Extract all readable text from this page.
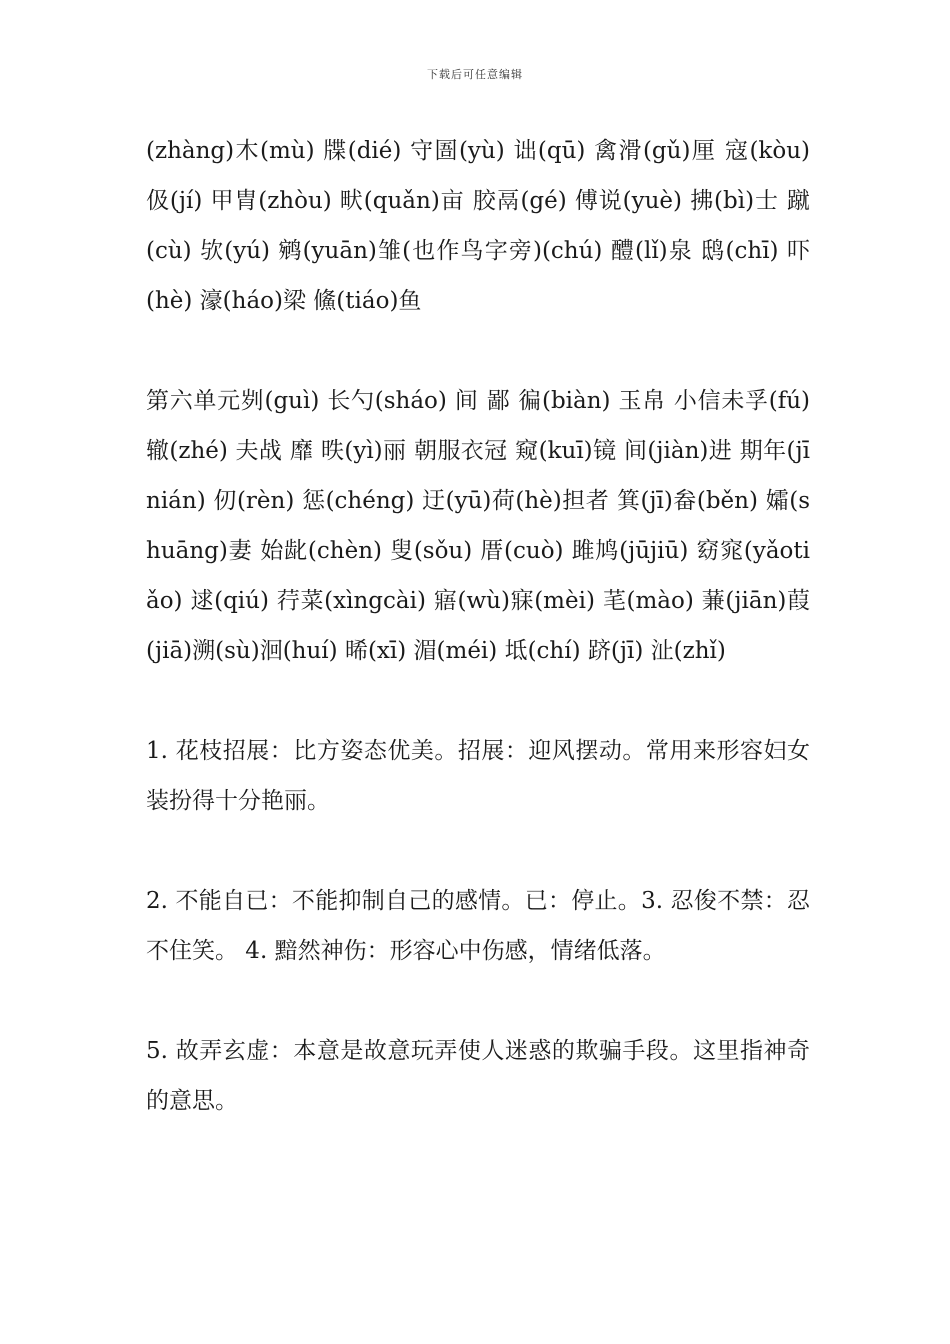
下载后可任意编辑

(zhàng)木(mù) 牒(dié) 守圄(yù) 诎(qū) 禽滑(gǔ)厘 寇(kòu) 伋(jí) 甲胄(zhòu) 畎(quǎn)亩 胶鬲(gé) 傅说(yuè) 拂(bì)士 蹴(cù) 欤(yú) 鹓(yuān)雏(也作鸟字旁)(chú) 醴(lǐ)泉 鸱(chī) 吓(hè) 濠(háo)梁 鯈(tiáo)鱼

第六单元刿(guì) 长勺(sháo) 间 鄙 徧(biàn) 玉帛 小信未孚(fú) 辙(zhé) 夫战 靡 昳(yì)丽 朝服衣冠 窥(kuī)镜 间(jiàn)进 期年(jīnián) 仞(rèn) 惩(chéng) 迂(yū)荷(hè)担者 箕(jī)畚(běn) 孀(shuāng)妻 始龀(chèn) 叟(sǒu) 厝(cuò) 雎鸠(jūjiū) 窈窕(yǎotiǎo) 逑(qiú) 荇菜(xìngcài) 寤(wù)寐(mèi) 芼(mào) 蒹(jiān)葭(jiā)溯(sù)洄(huí) 晞(xī) 湄(méi) 坻(chí) 跻(jī) 沚(zhǐ)

1. 花枝招展：比方姿态优美。招展：迎风摆动。常用来形容妇女装扮得十分艳丽。

2. 不能自已：不能抑制自己的感情。已：停止。3. 忍俊不禁：忍不住笑。 4. 黯然神伤：形容心中伤感，情绪低落。

5. 故弄玄虚：本意是故意玩弄使人迷惑的欺骗手段。这里指神奇的意思。
